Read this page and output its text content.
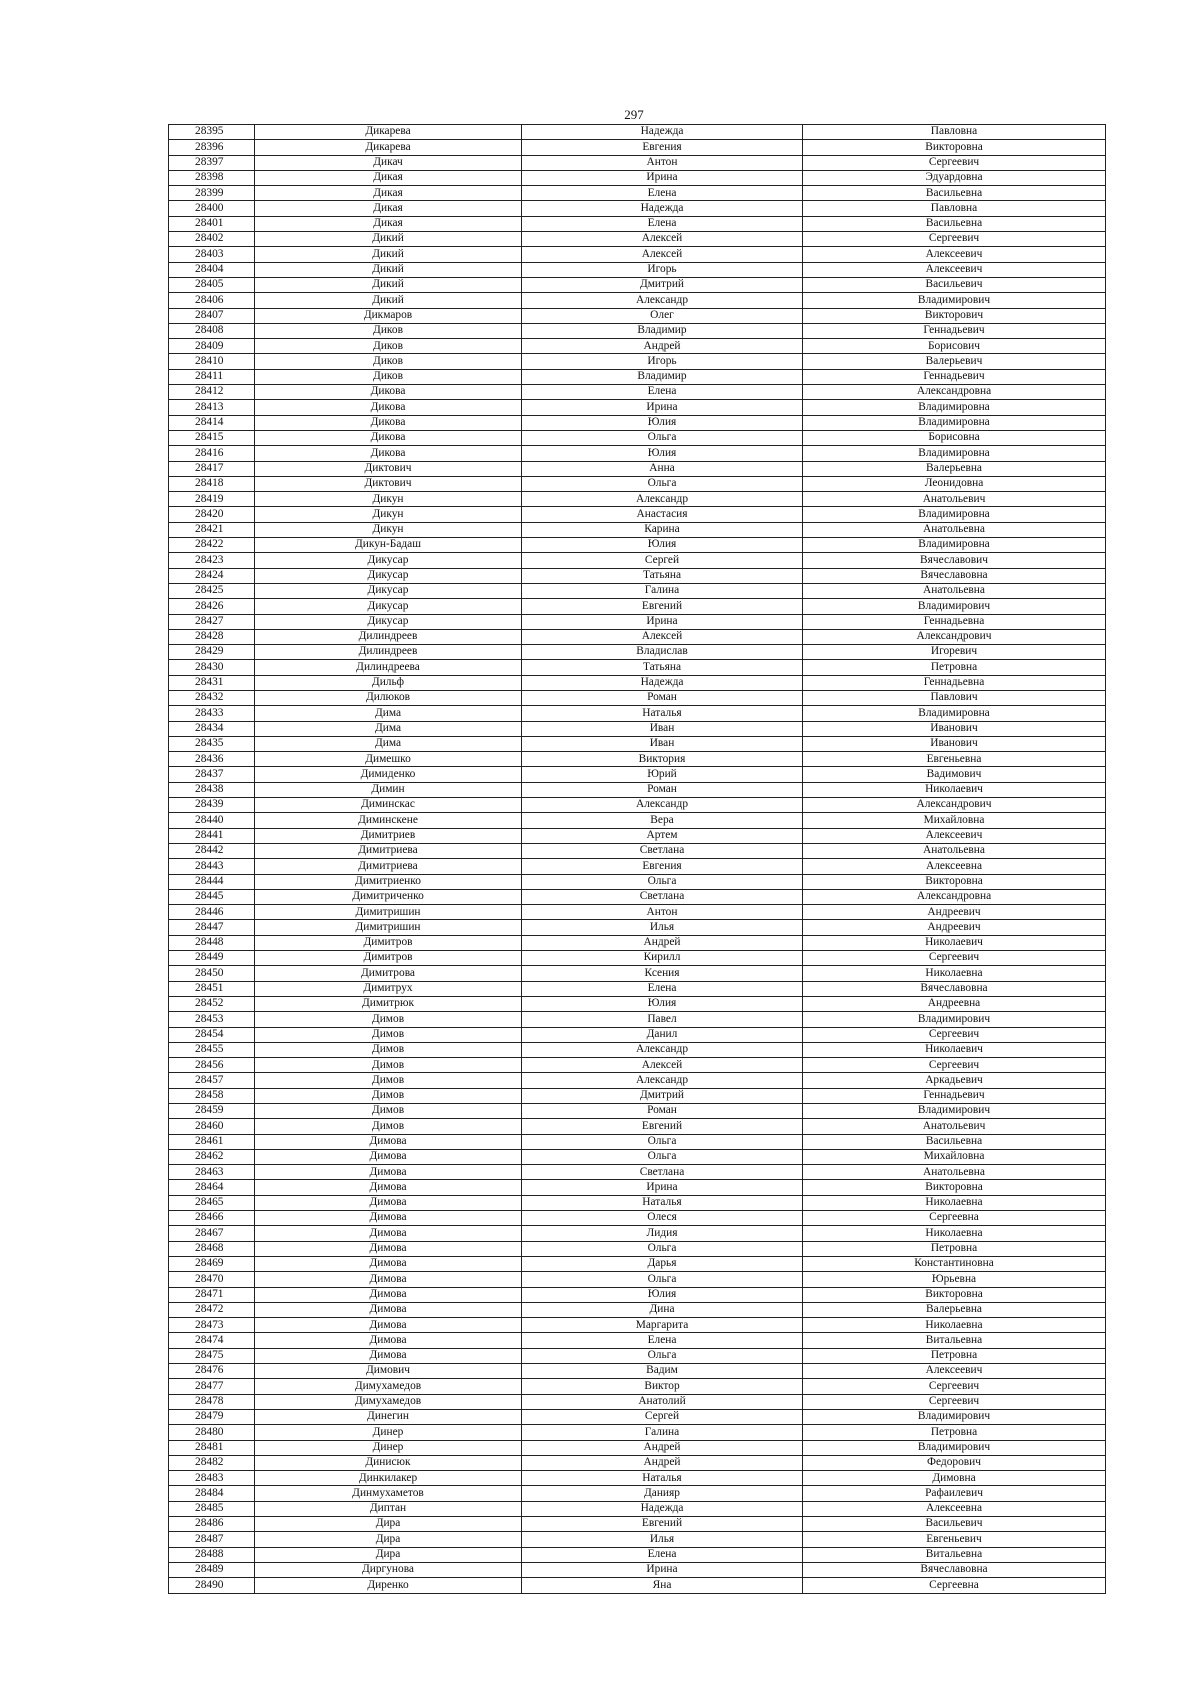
297
28395	Дикарева	Надежда	Павловна
28396	Дикарева	Евгения	Викторовна
28397	Дикач	Антон	Сергеевич
28398	Дикая	Ирина	Эдуардовна
28399	Дикая	Елена	Васильевна
28400	Дикая	Надежда	Павловна
28401	Дикая	Елена	Васильевна
28402	Дикий	Алексей	Сергеевич
28403	Дикий	Алексей	Алексеевич
28404	Дикий	Игорь	Алексеевич
28405	Дикий	Дмитрий	Васильевич
28406	Дикий	Александр	Владимирович
28407	Дикмаров	Олег	Викторович
28408	Диков	Владимир	Геннадьевич
28409	Диков	Андрей	Борисович
28410	Диков	Игорь	Валерьевич
28411	Диков	Владимир	Геннадьевич
28412	Дикова	Елена	Александровна
28413	Дикова	Ирина	Владимировна
28414	Дикова	Юлия	Владимировна
28415	Дикова	Ольга	Борисовна
28416	Дикова	Юлия	Владимировна
28417	Диктович	Анна	Валерьевна
28418	Диктович	Ольга	Леонидовна
28419	Дикун	Александр	Анатольевич
28420	Дикун	Анастасия	Владимировна
28421	Дикун	Карина	Анатольевна
28422	Дикун-Бадаш	Юлия	Владимировна
28423	Дикусар	Сергей	Вячеславович
28424	Дикусар	Татьяна	Вячеславовна
28425	Дикусар	Галина	Анатольевна
28426	Дикусар	Евгений	Владимирович
28427	Дикусар	Ирина	Геннадьевна
28428	Дилиндреев	Алексей	Александрович
28429	Дилиндреев	Владислав	Игоревич
28430	Дилиндреева	Татьяна	Петровна
28431	Дильф	Надежда	Геннадьевна
28432	Дилюков	Роман	Павлович
28433	Дима	Наталья	Владимировна
28434	Дима	Иван	Иванович
28435	Дима	Иван	Иванович
28436	Димешко	Виктория	Евгеньевна
28437	Димиденко	Юрий	Вадимович
28438	Димин	Роман	Николаевич
28439	Диминскас	Александр	Александрович
28440	Диминскене	Вера	Михайловна
28441	Димитриев	Артем	Алексеевич
28442	Димитриева	Светлана	Анатольевна
28443	Димитриева	Евгения	Алексеевна
28444	Димитриенко	Ольга	Викторовна
28445	Димитриченко	Светлана	Александровна
28446	Димитришин	Антон	Андреевич
28447	Димитришин	Илья	Андреевич
28448	Димитров	Андрей	Николаевич
28449	Димитров	Кирилл	Сергеевич
28450	Димитрова	Ксения	Николаевна
28451	Димитрух	Елена	Вячеславовна
28452	Димитрюк	Юлия	Андреевна
28453	Димов	Павел	Владимирович
28454	Димов	Данил	Сергеевич
28455	Димов	Александр	Николаевич
28456	Димов	Алексей	Сергеевич
28457	Димов	Александр	Аркадьевич
28458	Димов	Дмитрий	Геннадьевич
28459	Димов	Роман	Владимирович
28460	Димов	Евгений	Анатольевич
28461	Димова	Ольга	Васильевна
28462	Димова	Ольга	Михайловна
28463	Димова	Светлана	Анатольевна
28464	Димова	Ирина	Викторовна
28465	Димова	Наталья	Николаевна
28466	Димова	Олеся	Сергеевна
28467	Димова	Лидия	Николаевна
28468	Димова	Ольга	Петровна
28469	Димова	Дарья	Константиновна
28470	Димова	Ольга	Юрьевна
28471	Димова	Юлия	Викторовна
28472	Димова	Дина	Валерьевна
28473	Димова	Маргарита	Николаевна
28474	Димова	Елена	Витальевна
28475	Димова	Ольга	Петровна
28476	Димович	Вадим	Алексеевич
28477	Димухамедов	Виктор	Сергеевич
28478	Димухамедов	Анатолий	Сергеевич
28479	Динегин	Сергей	Владимирович
28480	Динер	Галина	Петровна
28481	Динер	Андрей	Владимирович
28482	Динисюк	Андрей	Федорович
28483	Динкилакер	Наталья	Димовна
28484	Динмухаметов	Данияр	Рафаилевич
28485	Диптан	Надежда	Алексеевна
28486	Дира	Евгений	Васильевич
28487	Дира	Илья	Евгеньевич
28488	Дира	Елена	Витальевна
28489	Диргунова	Ирина	Вячеславовна
28490	Диренко	Яна	Сергеевна
